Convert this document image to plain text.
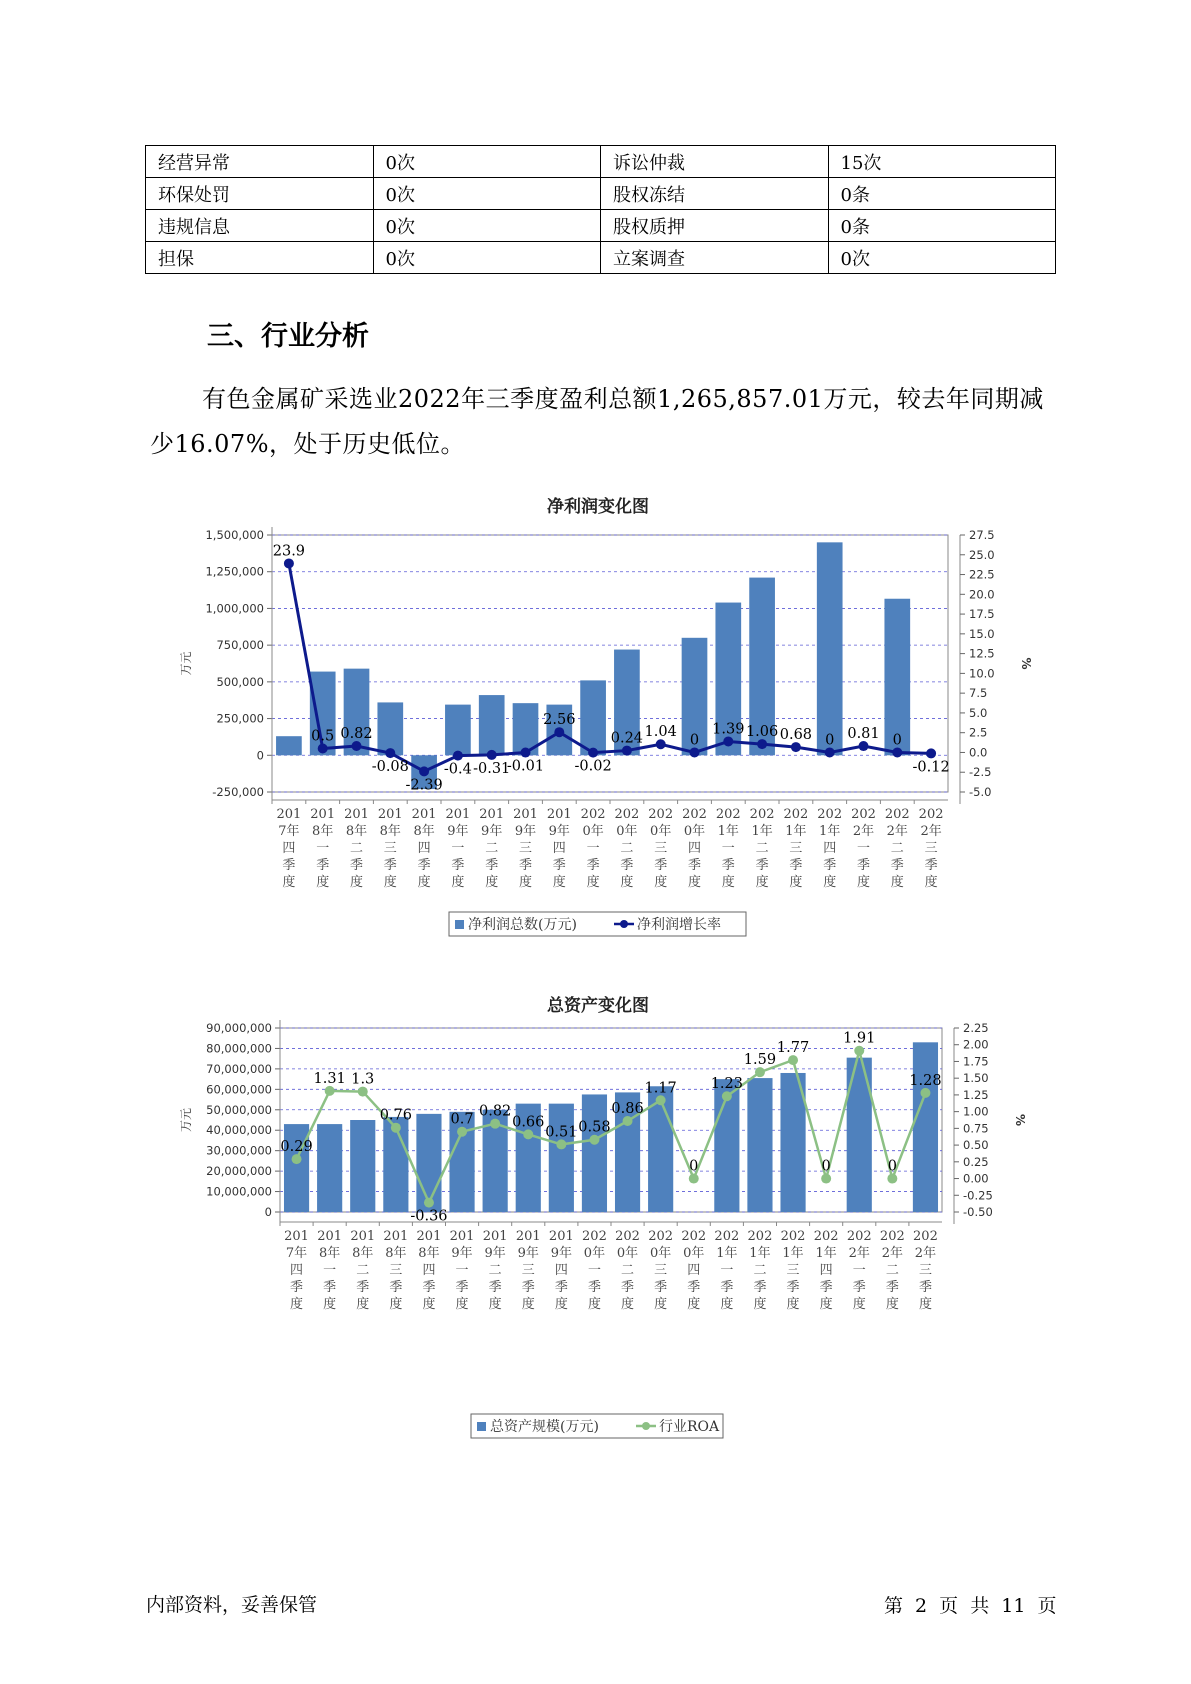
经营异常	0次	诉讼仲裁	15次
环保处罚	0次	股权冻结	0条
违规信息	0次	股权质押	0条
担保	0次	立案调查	0次
三、行业分析
有色金属矿采选业2022年三季度盈利总额1,265,857.01万元，较去年同期减少16.07%，处于历史低位。
净利润变化图
1,500,000
1,250,000
1,000,000
750,000
500,000
250,000
0
-250,000
27.5
25.0
22.5
20.0
17.5
15.0
12.5
10.0
7.5
5.0
2.5
0.0
-2.5
-5.0
万元	%
201 7年四季度
201 8年一季度
201 8年二季度
201 8年三季度
201 8年四季度
201 9年一季度
201 9年二季度
201 9年三季度
201 9年四季度
202 0年一季度
202 0年二季度
202 0年三季度
202 0年四季度
202 1年一季度
202 1年二季度
202 1年三季度
202 1年四季度
202 2年一季度
202 2年二季度
202 2年三季度
23.9
0.5 0.82
-0.08
-2.39
-0.4 -0.31
-0.01
2.56
-0.02
0.24 1.04
0
1.39 1.06 0.68 0 0.81 0
-0.12
净利润总数(万元)	净利润增长率
总资产变化图
90,000,000
80,000,000
70,000,000
60,000,000
50,000,000
40,000,000
30,000,000
20,000,000
10,000,000
0
2.25
2.00
1.75
1.50
1.25
1.00
0.75
0.50
0.25
0.00
-0.25
-0.50
万元	%
201 7年四季度
201 8年一季度
201 8年二季度
201 8年三季度
201 8年四季度
201 9年一季度
201 9年二季度
201 9年三季度
201 9年四季度
202 0年一季度
202 0年二季度
202 0年三季度
202 0年四季度
202 1年一季度
202 1年二季度
202 1年三季度
202 1年四季度
202 2年一季度
202 2年二季度
202 2年三季度
0.29
1.31 1.3
0.76
-0.36
0.7
0.82
0.66
0.51 0.58
0.86
1.17
0
1.23
1.59
1.77
0
1.91
0
1.28
总资产规模(万元)	行业ROA
内部资料，妥善保管	第 2 页 共 11 页
